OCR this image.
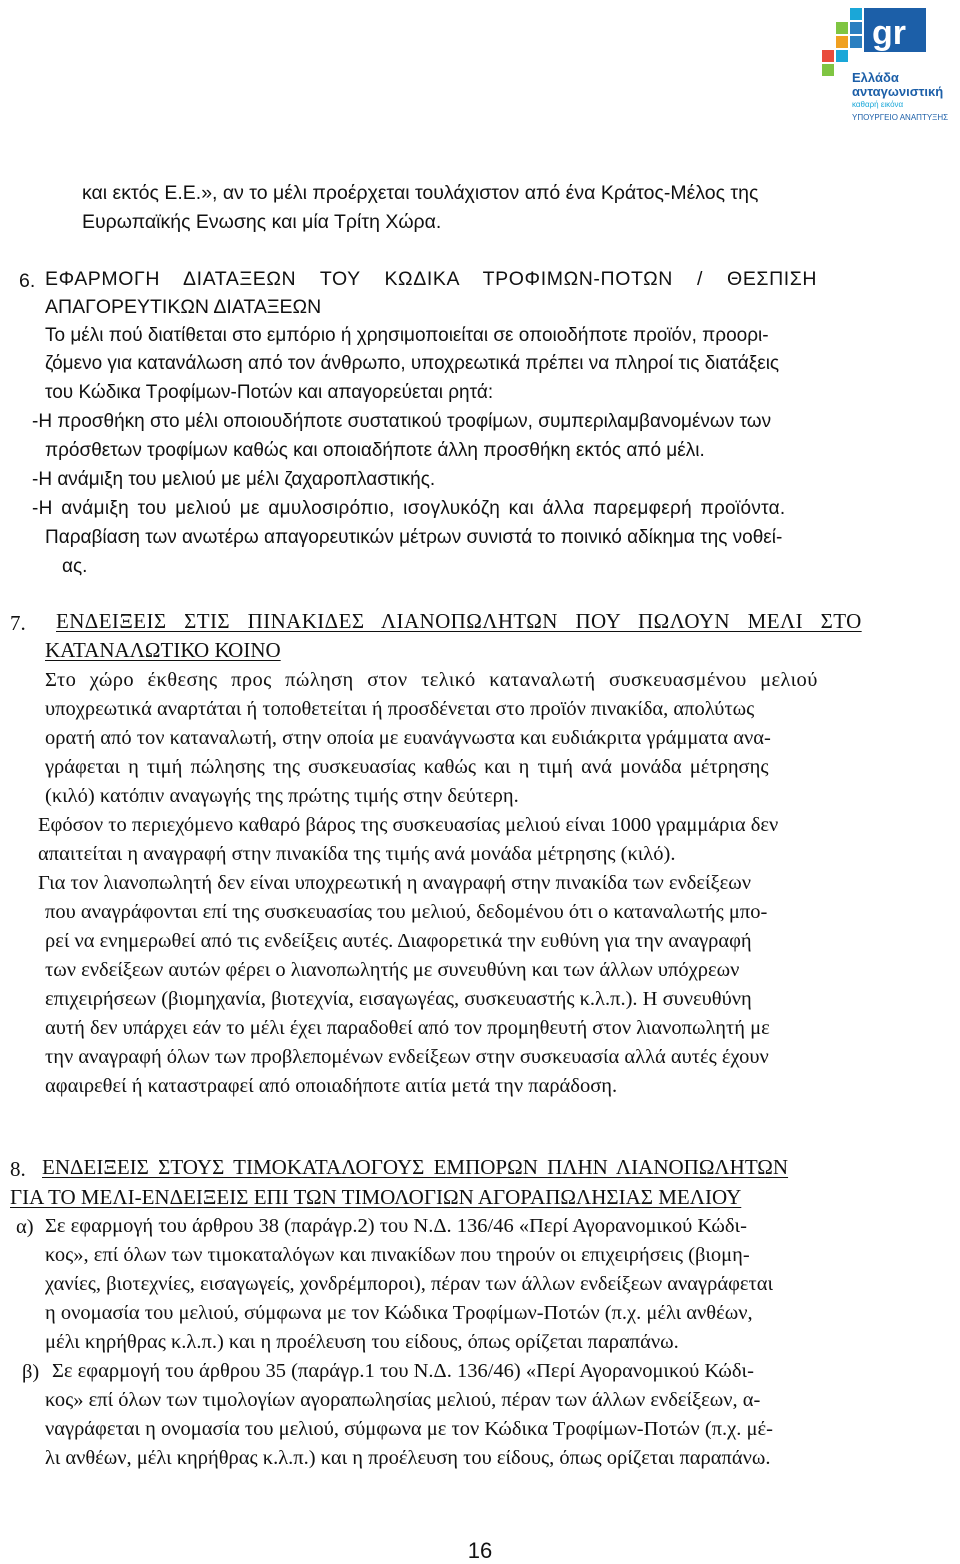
gr
Ελλάδα
ανταγωνιστική
καθαρή εικόνα
ΥΠΟΥΡΓΕΙΟ ΑΝΑΠΤΥΞΗΣ
και εκτός Ε.Ε.», αν το μέλι προέρχεται τουλάχιστον από ένα Κράτος-Μέλος της
Ευρωπαϊκής Ενωσης και μία Τρίτη Χώρα.
6. ΕΦΑΡΜΟΓΗ ΔΙΑΤΑΞΕΩΝ ΤΟΥ ΚΩΔΙΚΑ ΤΡΟΦΙΜΩΝ-ΠΟΤΩΝ / ΘΕΣΠΙΣΗ
ΑΠΑΓΟΡΕΥΤΙΚΩΝ ΔΙΑΤΑΞΕΩΝ
Το μέλι πού διατίθεται στο εμπόριο ή χρησιμοποιείται σε οποιοδήποτε προϊόν, προορι-
ζόμενο για κατανάλωση από τον άνθρωπο, υποχρεωτικά πρέπει να πληροί τις διατάξεις
του Κώδικα Τροφίμων-Ποτών και απαγορεύεται ρητά:
-Η προσθήκη στο μέλι οποιουδήποτε συστατικού τροφίμων, συμπεριλαμβανομένων των
πρόσθετων τροφίμων καθώς και οποιαδήποτε άλλη προσθήκη εκτός από μέλι.
-Η ανάμιξη του μελιού με μέλι ζαχαροπλαστικής.
-Η ανάμιξη του μελιού με αμυλοσιρόπιο, ισογλυκόζη και άλλα παρεμφερή προϊόντα.
Παραβίαση των ανωτέρω απαγορευτικών μέτρων συνιστά το ποινικό αδίκημα της νοθεί-
ας.
7. ΕΝΔΕΙΞΕΙΣ ΣΤΙΣ ΠΙΝΑΚΙΔΕΣ ΛΙΑΝΟΠΩΛΗΤΩΝ ΠΟΥ ΠΩΛΟΥΝ ΜΕΛΙ ΣΤΟ
ΚΑΤΑΝΑΛΩΤΙΚΟ ΚΟΙΝΟ
Στο χώρο έκθεσης προς πώληση στον τελικό καταναλωτή συσκευασμένου μελιού
υποχρεωτικά αναρτάται ή τοποθετείται ή προσδένεται στο προϊόν πινακίδα, απολύτως
ορατή από τον καταναλωτή, στην οποία με ευανάγνωστα και ευδιάκριτα γράμματα ανα-
γράφεται η τιμή πώλησης της συσκευασίας καθώς και η τιμή ανά μονάδα μέτρησης
(κιλό) κατόπιν αναγωγής της πρώτης τιμής στην δεύτερη.
Εφόσον το περιεχόμενο καθαρό βάρος της συσκευασίας μελιού είναι 1000 γραμμάρια δεν
απαιτείται η αναγραφή στην πινακίδα της τιμής ανά μονάδα μέτρησης (κιλό).
Για τον λιανοπωλητή δεν είναι υποχρεωτική η αναγραφή στην πινακίδα των ενδείξεων
που αναγράφονται επί της συσκευασίας του μελιού, δεδομένου ότι ο καταναλωτής μπο-
ρεί να ενημερωθεί από τις ενδείξεις αυτές. Διαφορετικά την ευθύνη για την αναγραφή
των ενδείξεων αυτών φέρει ο λιανοπωλητής με συνευθύνη και των άλλων υπόχρεων
επιχειρήσεων (βιομηχανία, βιοτεχνία, εισαγωγέας, συσκευαστής κ.λ.π.). Η συνευθύνη
αυτή δεν υπάρχει εάν το μέλι έχει παραδοθεί από τον προμηθευτή στον λιανοπωλητή με
την αναγραφή όλων των προβλεπομένων ενδείξεων στην συσκευασία αλλά αυτές έχουν
αφαιρεθεί ή καταστραφεί από οποιαδήποτε αιτία μετά την παράδοση.
8. ΕΝΔΕΙΞΕΙΣ ΣΤΟΥΣ ΤΙΜΟΚΑΤΑΛΟΓΟΥΣ ΕΜΠΟΡΩΝ ΠΛΗΝ ΛΙΑΝΟΠΩΛΗΤΩΝ
ΓΙΑ ΤΟ ΜΕΛΙ-ΕΝΔΕΙΞΕΙΣ ΕΠΙ ΤΩΝ ΤΙΜΟΛΟΓΙΩΝ ΑΓΟΡΑΠΩΛΗΣΙΑΣ ΜΕΛΙΟΥ
α) Σε εφαρμογή του άρθρου 38 (παράγρ.2) του Ν.Δ. 136/46 «Περί Αγορανομικού Κώδι-
κος», επί όλων των τιμοκαταλόγων και πινακίδων που τηρούν οι επιχειρήσεις (βιομη-
χανίες, βιοτεχνίες, εισαγωγείς, χονδρέμποροι), πέραν των άλλων ενδείξεων αναγράφεται
η ονομασία του μελιού, σύμφωνα με τον Κώδικα Τροφίμων-Ποτών (π.χ. μέλι ανθέων,
μέλι κηρήθρας κ.λ.π.) και η προέλευση του είδους, όπως ορίζεται παραπάνω.
β) Σε εφαρμογή του άρθρου 35 (παράγρ.1 του Ν.Δ. 136/46) «Περί Αγορανομικού Κώδι-
κος» επί όλων των τιμολογίων αγοραπωλησίας μελιού, πέραν των άλλων ενδείξεων, α-
ναγράφεται η ονομασία του μελιού, σύμφωνα με τον Κώδικα Τροφίμων-Ποτών (π.χ. μέ-
λι ανθέων, μέλι κηρήθρας κ.λ.π.) και η προέλευση του είδους, όπως ορίζεται παραπάνω.
16
